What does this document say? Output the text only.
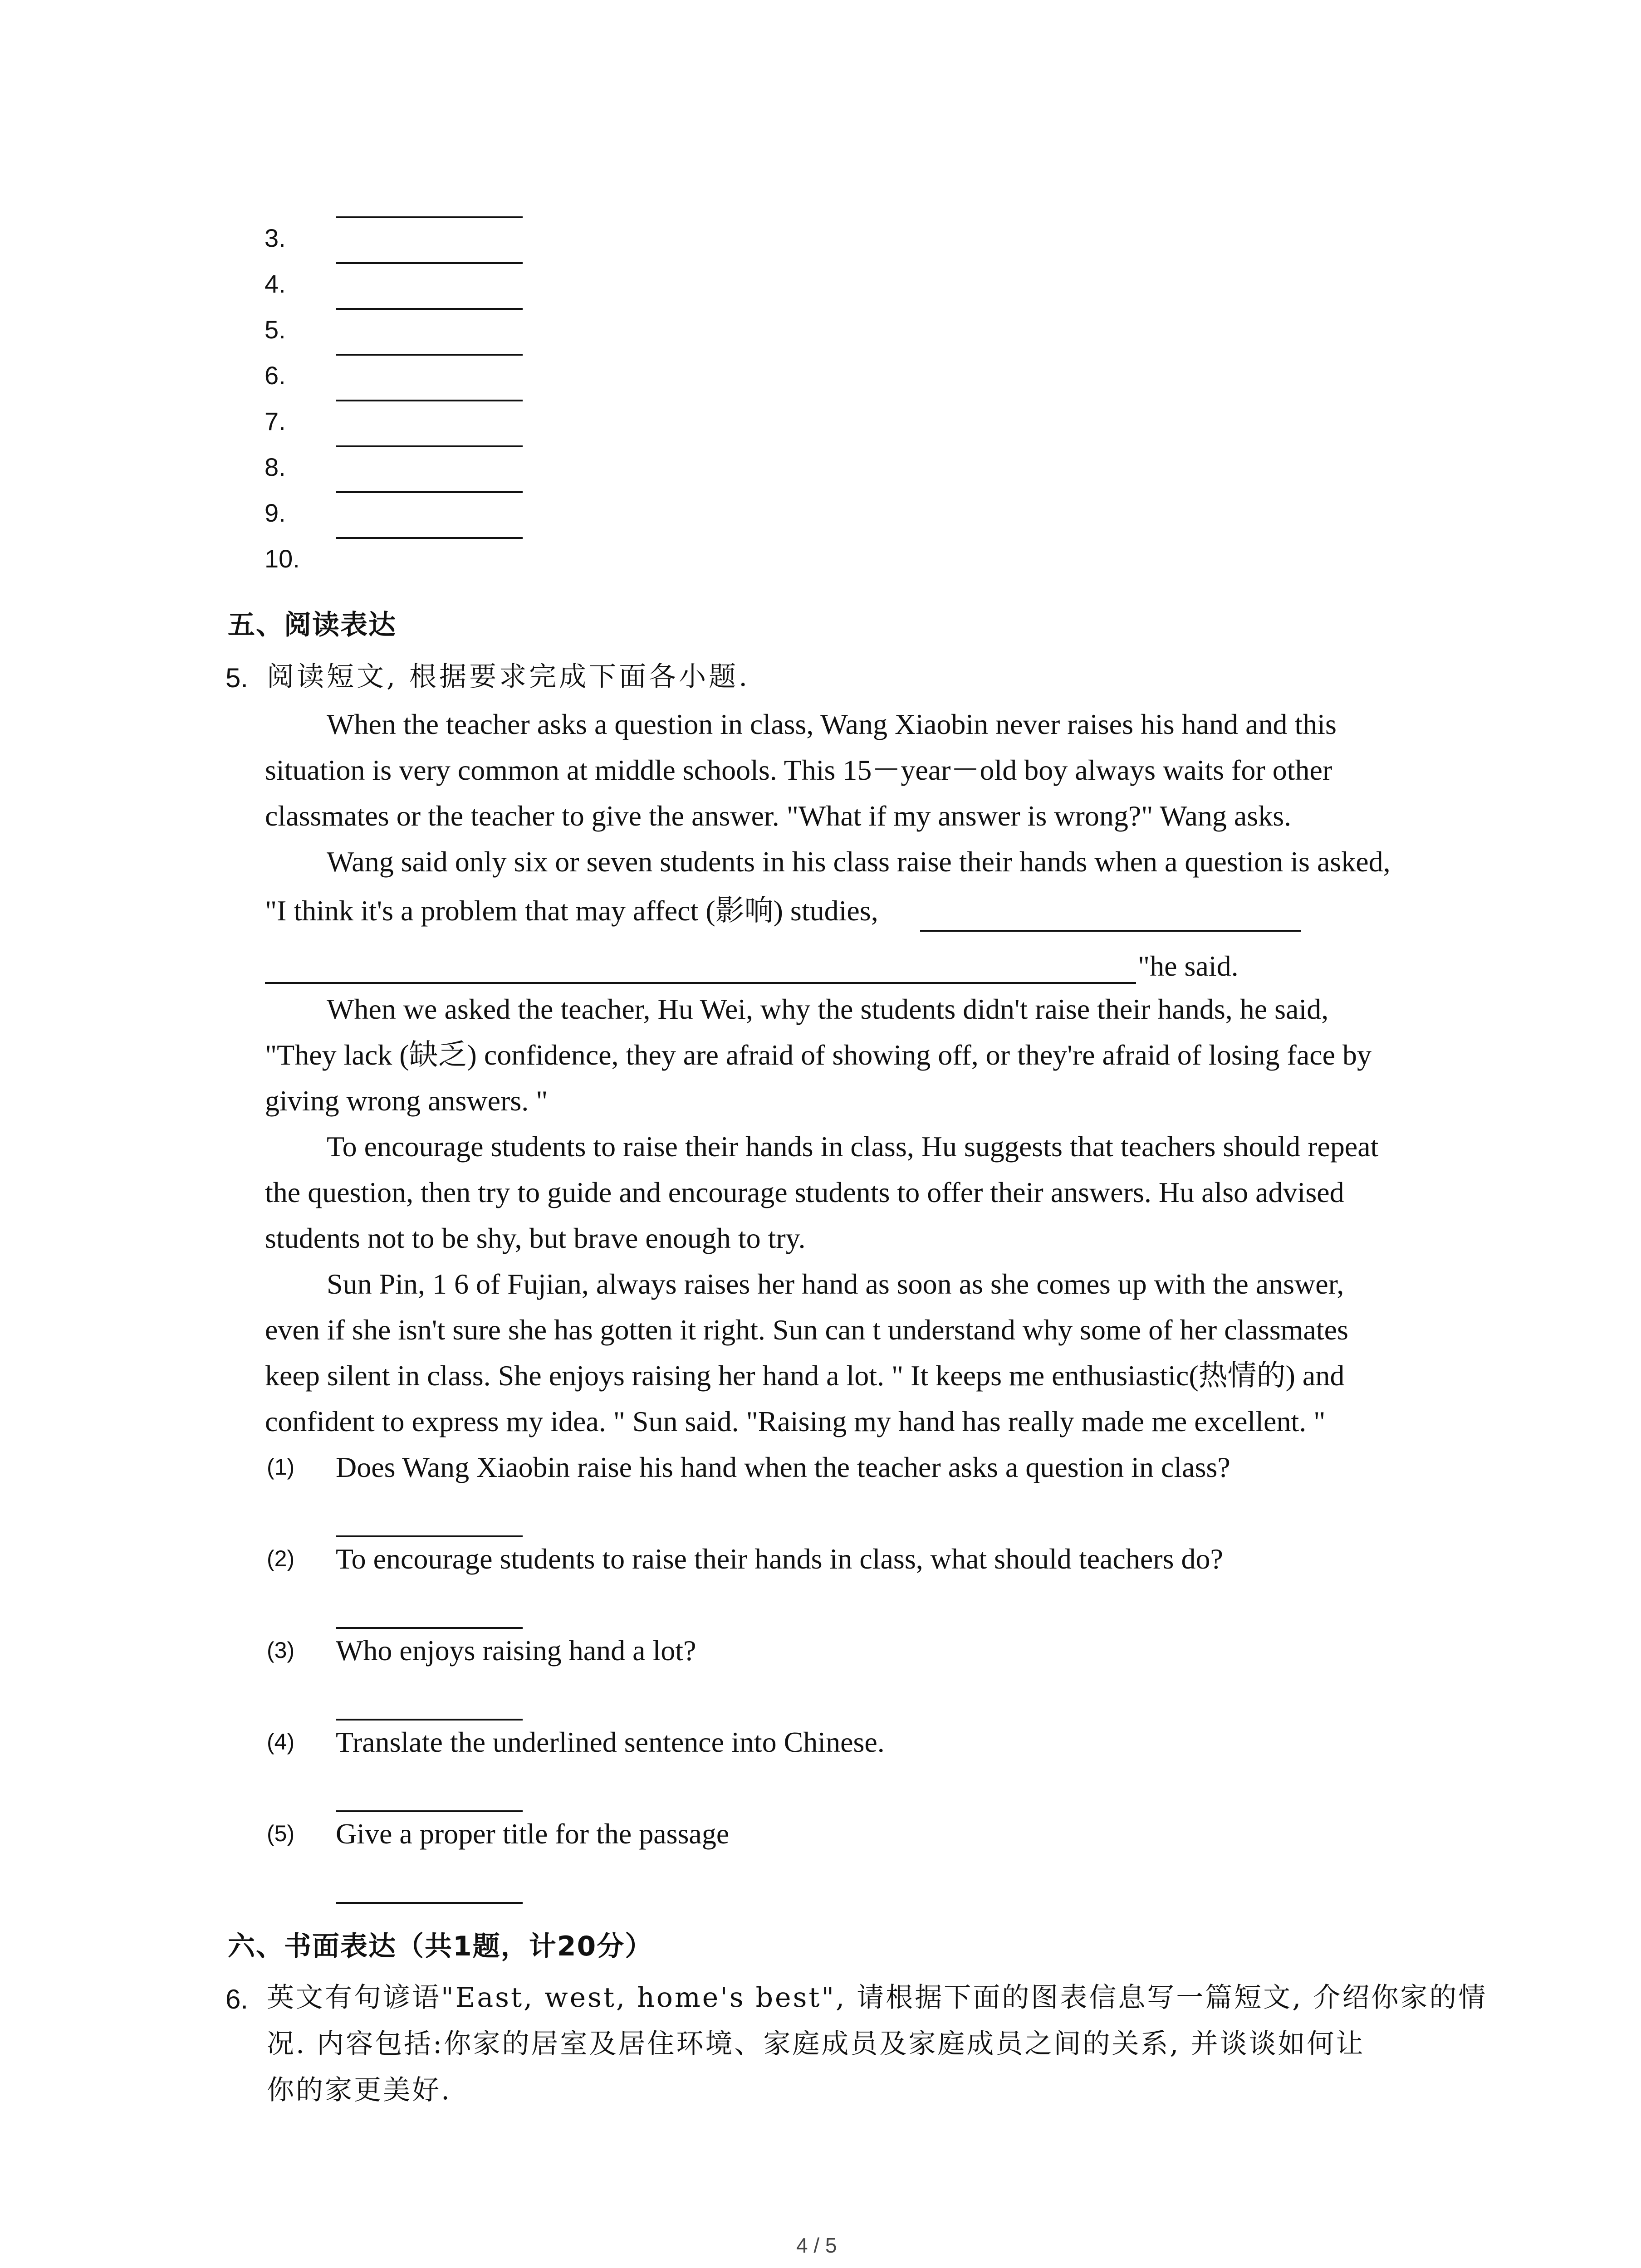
3.
4.
5.
6.
7.
8.
9.
10.
五、阅读表达
5. 阅读短文, 根据要求完成下面各小题.
When the teacher asks a question in class, Wang Xiaobin never raises his hand and this
situation is very common at middle schools. This 15－year－old boy always waits for other
classmates or the teacher to give the answer. "What if my answer is wrong?" Wang asks.
Wang said only six or seven students in his class raise their hands when a question is asked,
"I think it's a problem that may affect (影响) studies,
"he said.
When we asked the teacher, Hu Wei, why the students didn't raise their hands, he said,
"They lack (缺乏) confidence, they are afraid of showing off, or they're afraid of losing face by
giving wrong answers. "
To encourage students to raise their hands in class, Hu suggests that teachers should repeat
the question, then try to guide and encourage students to offer their answers. Hu also advised
students not to be shy, but brave enough to try.
Sun Pin, 1 6 of Fujian, always raises her hand as soon as she comes up with the answer,
even if she isn't sure she has gotten it right. Sun can t understand why some of her classmates
keep silent in class. She enjoys raising her hand a lot. " It keeps me enthusiastic(热情的) and
confident to express my idea. " Sun said. "Raising my hand has really made me excellent. "
(1) Does Wang Xiaobin raise his hand when the teacher asks a question in class?
(2) To encourage students to raise their hands in class, what should teachers do?
(3) Who enjoys raising hand a lot?
(4) Translate the underlined sentence into Chinese.
(5) Give a proper title for the passage
六、书面表达（共1题，计20分）
6. 英文有句谚语"East, west, home's best", 请根据下面的图表信息写一篇短文, 介绍你家的情
况. 内容包括:你家的居室及居住环境、家庭成员及家庭成员之间的关系, 并谈谈如何让
你的家更美好.
4 / 5
